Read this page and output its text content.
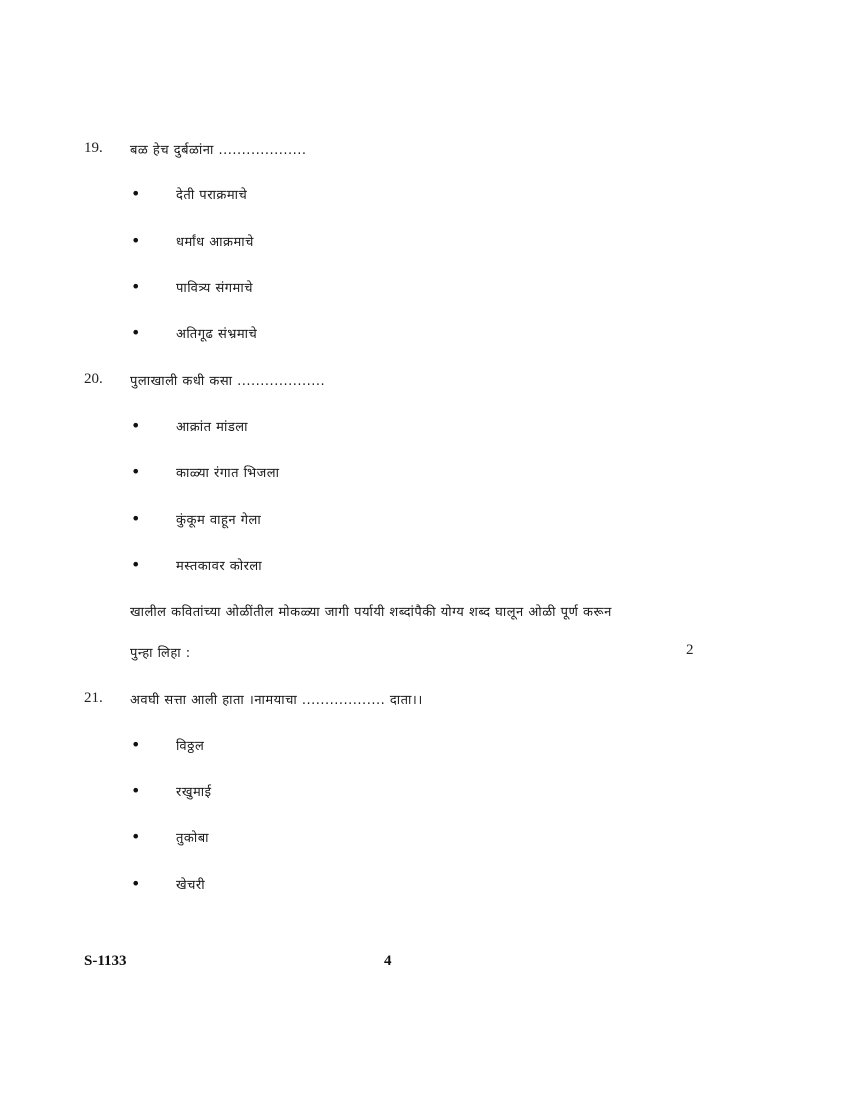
19. बळ हेच दुर्बळांना ...................
•	देती पराक्रमाचे
•	धर्मांध आक्रमाचे
•	पावित्र्य संगमाचे
•	अतिगूढ संभ्रमाचे
20. पुलाखाली कधी कसा ...................
•	आक्रांत मांडला
•	काळ्या रंगात भिजला
•	कुंकूम वाहून गेला
•	मस्तकावर कोरला
खालील कवितांच्या ओळींतील मोकळ्या जागी पर्यायी शब्दांपैकी योग्य शब्द घालून ओळी पूर्ण करून
पुन्हा लिहा :	2
21. अवघी सत्ता आली हाता ।नामयाचा .................. दाता।।
•	विठ्ठल
•	रखुमाई
•	तुकोबा
•	खेचरी
S-1133	4
